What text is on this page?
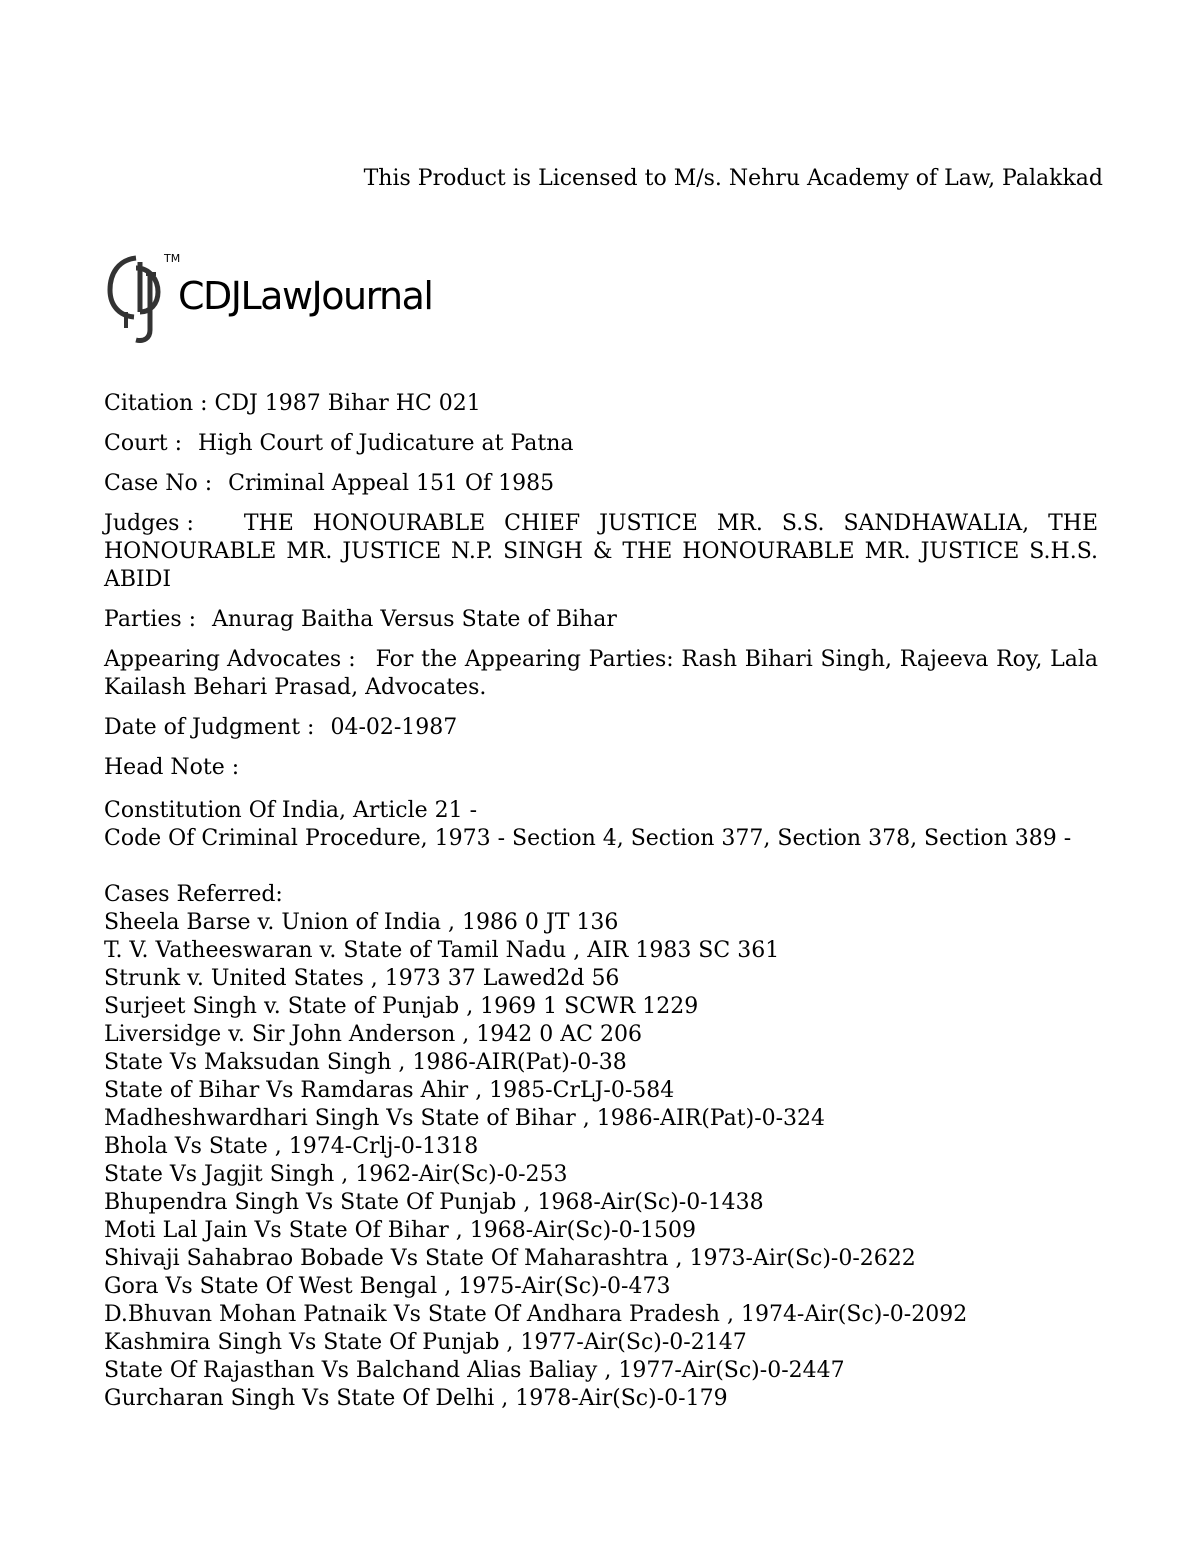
This Product is Licensed to M/s. Nehru Academy of Law, Palakkad
TM
CDJLawJournal
Citation : CDJ 1987 Bihar HC 021
Court : High Court of Judicature at Patna
Case No : Criminal Appeal 151 Of 1985
Judges : THE HONOURABLE CHIEF JUSTICE MR. S.S. SANDHAWALIA, THE HONOURABLE MR. JUSTICE N.P. SINGH & THE HONOURABLE MR. JUSTICE S.H.S. ABIDI
Parties : Anurag Baitha Versus State of Bihar
Appearing Advocates : For the Appearing Parties: Rash Bihari Singh, Rajeeva Roy, Lala Kailash Behari Prasad, Advocates.
Date of Judgment : 04-02-1987
Head Note :
Constitution Of India, Article 21 -
Code Of Criminal Procedure, 1973 - Section 4, Section 377, Section 378, Section 389 -
Cases Referred:
Sheela Barse v. Union of India , 1986 0 JT 136
T. V. Vatheeswaran v. State of Tamil Nadu , AIR 1983 SC 361
Strunk v. United States , 1973 37 Lawed2d 56
Surjeet Singh v. State of Punjab , 1969 1 SCWR 1229
Liversidge v. Sir John Anderson , 1942 0 AC 206
State Vs Maksudan Singh , 1986-AIR(Pat)-0-38
State of Bihar Vs Ramdaras Ahir , 1985-CrLJ-0-584
Madheshwardhari Singh Vs State of Bihar , 1986-AIR(Pat)-0-324
Bhola Vs State , 1974-Crlj-0-1318
State Vs Jagjit Singh , 1962-Air(Sc)-0-253
Bhupendra Singh Vs State Of Punjab , 1968-Air(Sc)-0-1438
Moti Lal Jain Vs State Of Bihar , 1968-Air(Sc)-0-1509
Shivaji Sahabrao Bobade Vs State Of Maharashtra , 1973-Air(Sc)-0-2622
Gora Vs State Of West Bengal , 1975-Air(Sc)-0-473
D.Bhuvan Mohan Patnaik Vs State Of Andhara Pradesh , 1974-Air(Sc)-0-2092
Kashmira Singh Vs State Of Punjab , 1977-Air(Sc)-0-2147
State Of Rajasthan Vs Balchand Alias Baliay , 1977-Air(Sc)-0-2447
Gurcharan Singh Vs State Of Delhi , 1978-Air(Sc)-0-179
